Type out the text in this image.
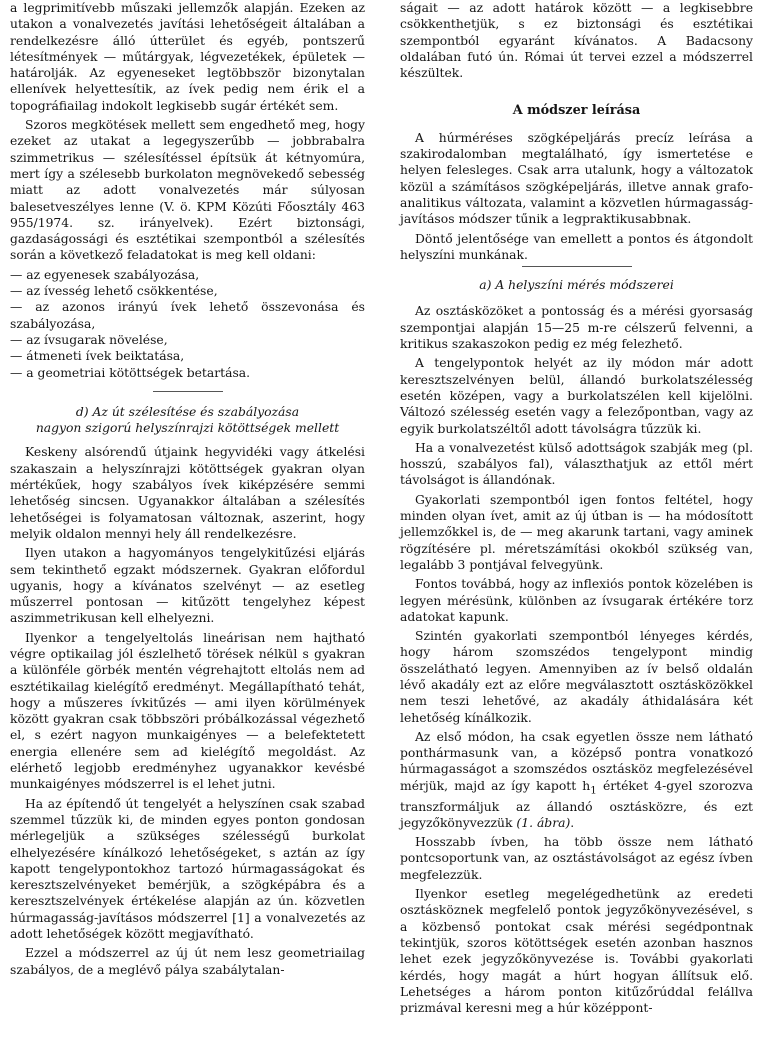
a legprimitívebb műszaki jellemzők alapján. Ezeken az utakon a vonalvezetés javítási lehetőségeit általában a rendelkezésre álló útterület és egyéb, pontszerű létesítmények — műtárgyak, légvezetékek, épületek — határolják. Az egyeneseket legtöbbször bizonytalan ellenívek helyettesítik, az ívek pedig nem érik el a topográfiailag indokolt legkisebb sugár értékét sem.

Szoros megkötések mellett sem engedhető meg, hogy ezeket az utakat a legegyszerűbb — jobbrabalra szimmetrikus — szélesítéssel építsük át kétnyomúra, mert így a szélesebb burkolaton megnövekedő sebesség miatt az adott vonalvezetés már súlyosan balesetveszélyes lenne (V. ö. KPM Közúti Főosztály 463 955/1974. sz. irányelvek). Ezért biztonsági, gazdaságossági és esztétikai szempontból a szélesítés során a következő feladatokat is meg kell oldani:

— az egyenesek szabályozása,
— az ívesség lehető csökkentése,
— az azonos irányú ívek lehető összevonása és szabályozása,
— az ívsugarak növelése,
— átmeneti ívek beiktatása,
— a geometriai kötöttségek betartása.
d) Az út szélesítése és szabályozása
nagyon szigorú helyszínrajzi kötöttségek mellett

Keskeny alsórendű útjaink hegyvidéki vagy átkelési szakaszain a helyszínrajzi kötöttségek gyakran olyan mértékűek, hogy szabályos ívek kiképzésére semmi lehetőség sincsen. Ugyanakkor általában a szélesítés lehetőségei is folyamatosan változnak, aszerint, hogy melyik oldalon mennyi hely áll rendelkezésre.

Ilyen utakon a hagyományos tengelykitűzési eljárás sem tekinthető egzakt módszernek. Gyakran előfordul ugyanis, hogy a kívánatos szelvényt — az esetleg műszerrel pontosan — kitűzött tengelyhez képest aszimmetrikusan kell elhelyezni.

Ilyenkor a tengelyeltolás lineárisan nem hajtható végre optikailag jól észlelhető törések nélkül s gyakran a különféle görbék mentén végrehajtott eltolás nem ad esztétikailag kielégítő eredményt. Megállapítható tehát, hogy a műszeres ívkitűzés — ami ilyen körülmények között gyakran csak többszöri próbálkozással végezhető el, s ezért nagyon munkaigényes — a belefektetett energia ellenére sem ad kielégítő megoldást. Az elérhető legjobb eredményhez ugyanakkor kevésbé munkaigényes módszerrel is el lehet jutni.

Ha az építendő út tengelyét a helyszínen csak szabad szemmel tűzzük ki, de minden egyes ponton gondosan mérlegeljük a szükséges szélességű burkolat elhelyezésére kínálkozó lehetőségeket, s aztán az így kapott tengelypontokhoz tartozó húrmagasságokat és keresztszelvényeket bemérjük, a szögképábra és a keresztszelvények értékelése alapján az ún. közvetlen húrmagasság-javításos módszerrel [1] a vonalvezetés az adott lehetőségek között megjavítható.

Ezzel a módszerrel az új út nem lesz geometriailag szabályos, de a meglévő pálya szabálytalan-

ságait — az adott határok között — a legkisebbre csökkenthetjük, s ez biztonsági és esztétikai szempontból egyaránt kívánatos. A Badacsony oldalában futó ún. Római út tervei ezzel a módszerrel készültek.

A módszer leírása

A húrméréses szögképeljárás precíz leírása a szakirodalomban megtalálható, így ismertetése e helyen felesleges. Csak arra utalunk, hogy a változatok közül a számításos szögképeljárás, illetve annak grafo-analitikus változata, valamint a közvetlen húrmagasság-javításos módszer tűnik a legpraktikusabbnak.

Döntő jelentősége van emellett a pontos és átgondolt helyszíni munkának.

a) A helyszíni mérés módszerei

Az osztásközöket a pontosság és a mérési gyorsaság szempontjai alapján 15—25 m-re célszerű felvenni, a kritikus szakaszokon pedig ez még felezhető.

A tengelypontok helyét az ily módon már adott keresztszelvényen belül, állandó burkolatszélesség esetén középen, vagy a burkolatszélen kell kijelölni. Változó szélesség esetén vagy a felezőpontban, vagy az egyik burkolatszéltől adott távolságra tűzzük ki.

Ha a vonalvezetést külső adottságok szabják meg (pl. hosszú, szabályos fal), választhatjuk az ettől mért távolságot is állandónak.

Gyakorlati szempontból igen fontos feltétel, hogy minden olyan ívet, amit az új útban is — ha módosított jellemzőkkel is, de — meg akarunk tartani, vagy aminek rögzítésére pl. méretszámítási okokból szükség van, legalább 3 pontjával felvegyünk.

Fontos továbbá, hogy az inflexiós pontok közelében is legyen mérésünk, különben az ívsugarak értékére torz adatokat kapunk.

Szintén gyakorlati szempontból lényeges kérdés, hogy három szomszédos tengelypont mindig összelátható legyen. Amennyiben az ív belső oldalán lévő akadály ezt az előre megválasztott osztásközökkel nem teszi lehetővé, az akadály áthidalására két lehetőség kínálkozik.

Az első módon, ha csak egyetlen össze nem látható ponthármasunk van, a középső pontra vonatkozó húrmagasságot a szomszédos osztásköz megfelezésével mérjük, majd az így kapott $h_1$ értéket 4-gyel szorozva transzformáljuk az állandó osztásközre, és ezt jegyzőkönyvezzük (1. ábra).

Hosszabb ívben, ha több össze nem látható pontcsoportunk van, az osztástávolságot az egész ívben megfelezzük.

Ilyenkor esetleg megelégedhetünk az eredeti osztásköznek megfelelő pontok jegyzőkönyvezésével, s a közbenső pontokat csak mérési segédpontnak tekintjük, szoros kötöttségek esetén azonban hasznos lehet ezek jegyzőkönyvezése is. További gyakorlati kérdés, hogy magát a húrt hogyan állítsuk elő. Lehetséges a három ponton kitűzőrúddal felállva prizmával keresni meg a húr középpont-
